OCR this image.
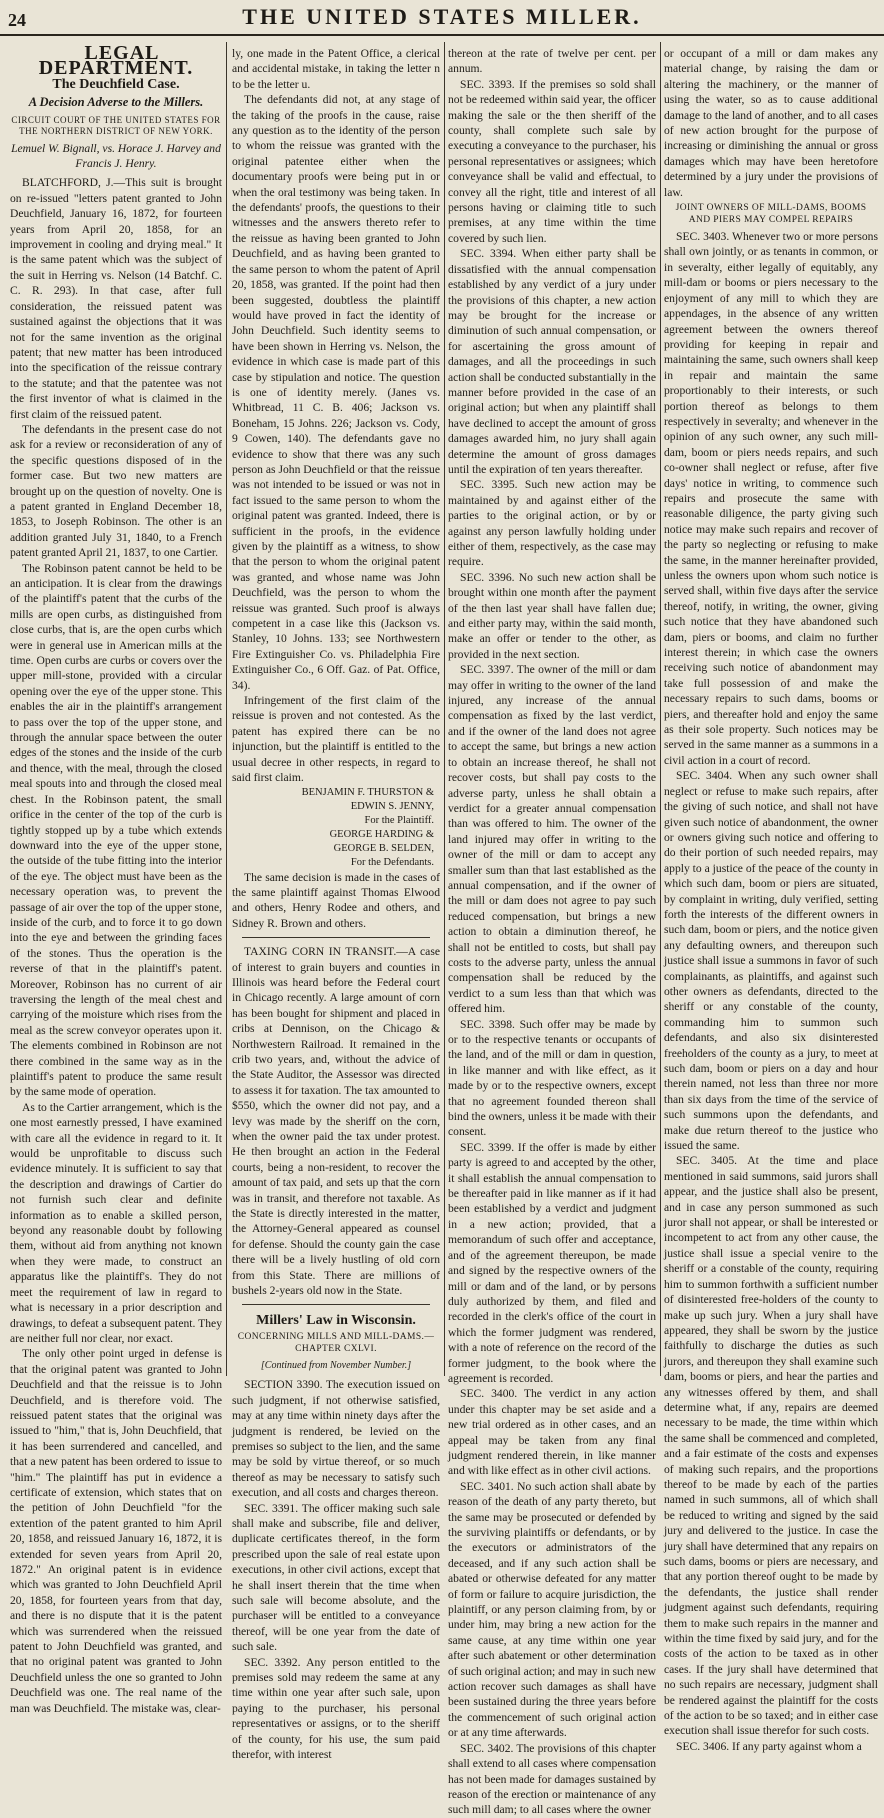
24	THE UNITED STATES MILLER.

LEGAL DEPARTMENT.

The Deuchfield Case.
A Decision Adverse to the Millers.
CIRCUIT COURT OF THE UNITED STATES FOR THE NORTHERN DISTRICT OF NEW YORK.
Lemuel W. Bignall, vs. Horace J. Harvey and Francis J. Henry.

BLATCHFORD, J.—This suit is brought on re-issued "letters patent granted to John Deuchfield, January 16, 1872, for fourteen years from April 20, 1858, for an improvement in cooling and drying meal." It is the same patent which was the subject of the suit in Herring vs. Nelson (14 Batchf. C. C. R. 293). In that case, after full consideration, the reissued patent was sustained against the objections that it was not for the same invention as the original patent; that new matter has been introduced into the specification of the reissue contrary to the statute; and that the patentee was not the first inventor of what is claimed in the first claim of the reissued patent.

The defendants in the present case do not ask for a review or reconsideration of any of the specific questions disposed of in the former case. But two new matters are brought up on the question of novelty. One is a patent granted in England December 18, 1853, to Joseph Robinson. The other is an addition granted July 31, 1840, to a French patent granted April 21, 1837, to one Cartier.

The Robinson patent cannot be held to be an anticipation. It is clear from the drawings of the plaintiff's patent that the curbs of the mills are open curbs, as distinguished from close curbs, that is, are the open curbs which were in general use in American mills at the time. Open curbs are curbs or covers over the upper mill-stone, provided with a circular opening over the eye of the upper stone. This enables the air in the plaintiff's arrangement to pass over the top of the upper stone, and through the annular space between the outer edges of the stones and the inside of the curb and thence, with the meal, through the closed meal spouts into and through the closed meal chest. In the Robinson patent, the small orifice in the center of the top of the curb is tightly stopped up by a tube which extends downward into the eye of the upper stone, the outside of the tube fitting into the interior of the eye. The object must have been as the necessary operation was, to prevent the passage of air over the top of the upper stone, inside of the curb, and to force it to go down into the eye and between the grinding faces of the stones. Thus the operation is the reverse of that in the plaintiff's patent. Moreover, Robinson has no current of air traversing the length of the meal chest and carrying of the moisture which rises from the meal as the screw conveyor operates upon it. The elements combined in Robinson are not there combined in the same way as in the plaintiff's patent to produce the same result by the same mode of operation.

As to the Cartier arrangement, which is the one most earnestly pressed, I have examined with care all the evidence in regard to it. It would be unprofitable to discuss such evidence minutely. It is sufficient to say that the description and drawings of Cartier do not furnish such clear and definite information as to enable a skilled person, beyond any reasonable doubt by following them, without aid from anything not known when they were made, to construct an apparatus like the plaintiff's. They do not meet the requirement of law in regard to what is necessary in a prior description and drawings, to defeat a subsequent patent. They are neither full nor clear, nor exact.

The only other point urged in defense is that the original patent was granted to John Deuchfield and that the reissue is to John Deuchfield, and is therefore void. The reissued patent states that the original was issued to "him," that is, John Deuchfield, that it has been surrendered and cancelled, and that a new patent has been ordered to issue to "him." The plaintiff has put in evidence a certificate of extension, which states that on the petition of John Deuchfield "for the extention of the patent granted to him April 20, 1858, and reissued January 16, 1872, it is extended for seven years from April 20, 1872." An original patent is in evidence which was granted to John Deuchfield April 20, 1858, for fourteen years from that day, and there is no dispute that it is the patent which was surrendered when the reissued patent to John Deuchfield was granted, and that no original patent was granted to John Deuchfield unless the one so granted to John Deuchfield was one. The real name of the man was Deuchfield. The mistake was, clear-

ly, one made in the Patent Office, a clerical and accidental mistake, in taking the letter n to be the letter u.

The defendants did not, at any stage of the taking of the proofs in the cause, raise any question as to the identity of the person to whom the reissue was granted with the original patentee either when the documentary proofs were being put in or when the oral testimony was being taken. In the defendants' proofs, the questions to their witnesses and the answers thereto refer to the reissue as having been granted to John Deuchfield, and as having been granted to the same person to whom the patent of April 20, 1858, was granted. If the point had then been suggested, doubtless the plaintiff would have proved in fact the identity of John Deuchfield. Such identity seems to have been shown in Herring vs. Nelson, the evidence in which case is made part of this case by stipulation and notice. The question is one of identity merely. (Janes vs. Whitbread, 11 C. B. 406; Jackson vs. Boneham, 15 Johns. 226; Jackson vs. Cody, 9 Cowen, 140). The defendants gave no evidence to show that there was any such person as John Deuchfield or that the reissue was not intended to be issued or was not in fact issued to the same person to whom the original patent was granted. Indeed, there is sufficient in the proofs, in the evidence given by the plaintiff as a witness, to show that the person to whom the original patent was granted, and whose name was John Deuchfield, was the person to whom the reissue was granted. Such proof is always competent in a case like this (Jackson vs. Stanley, 10 Johns. 133; see Northwestern Fire Extinguisher Co. vs. Philadelphia Fire Extinguisher Co., 6 Off. Gaz. of Pat. Office, 34).

Infringement of the first claim of the reissue is proven and not contested. As the patent has expired there can be no injunction, but the plaintiff is entitled to the usual decree in other respects, in regard to said first claim.

BENJAMIN F. THURSTON &
EDWIN S. JENNY,
For the Plaintiff.
GEORGE HARDING &
GEORGE B. SELDEN,
For the Defendants.

The same decision is made in the cases of the same plaintiff against Thomas Elwood and others, Henry Rodee and others, and Sidney R. Brown and others.

TAXING CORN IN TRANSIT.—A case of interest to grain buyers and counties in Illinois was heard before the Federal court in Chicago recently. A large amount of corn has been bought for shipment and placed in cribs at Dennison, on the Chicago & Northwestern Railroad. It remained in the crib two years, and, without the advice of the State Auditor, the Assessor was directed to assess it for taxation. The tax amounted to $550, which the owner did not pay, and a levy was made by the sheriff on the corn, when the owner paid the tax under protest. He then brought an action in the Federal courts, being a non-resident, to recover the amount of tax paid, and sets up that the corn was in transit, and therefore not taxable. As the State is directly interested in the matter, the Attorney-General appeared as counsel for defense. Should the county gain the case there will be a lively hustling of old corn from this State. There are millions of bushels 2-years old now in the State.

Millers' Law in Wisconsin.
CONCERNING MILLS AND MILL-DAMS.—CHAPTER CXLVI.
[Continued from November Number.]

SECTION 3390. The execution issued on such judgment, if not otherwise satisfied, may at any time within ninety days after the judgment is rendered, be levied on the premises so subject to the lien, and the same may be sold by virtue thereof, or so much thereof as may be necessary to satisfy such execution, and all costs and charges thereon.

SEC. 3391. The officer making such sale shall make and subscribe, file and deliver, duplicate certificates thereof, in the form prescribed upon the sale of real estate upon executions, in other civil actions, except that he shall insert therein that the time when such sale will become absolute, and the purchaser will be entitled to a conveyance thereof, will be one year from the date of such sale.

SEC. 3392. Any person entitled to the premises sold may redeem the same at any time within one year after such sale, upon paying to the purchaser, his personal representatives or assigns, or to the sheriff of the county, for his use, the sum paid therefor, with interest

thereon at the rate of twelve per cent. per annum.

SEC. 3393. If the premises so sold shall not be redeemed within said year, the officer making the sale or the then sheriff of the county, shall complete such sale by executing a conveyance to the purchaser, his personal representatives or assignees; which conveyance shall be valid and effectual, to convey all the right, title and interest of all persons having or claiming title to such premises, at any time within the time covered by such lien.

SEC. 3394. When either party shall be dissatisfied with the annual compensation established by any verdict of a jury under the provisions of this chapter, a new action may be brought for the increase or diminution of such annual compensation, or for ascertaining the gross amount of damages, and all the proceedings in such action shall be conducted substantially in the manner before provided in the case of an original action; but when any plaintiff shall have declined to accept the amount of gross damages awarded him, no jury shall again determine the amount of gross damages until the expiration of ten years thereafter.

SEC. 3395. Such new action may be maintained by and against either of the parties to the original action, or by or against any person lawfully holding under either of them, respectively, as the case may require.

SEC. 3396. No such new action shall be brought within one month after the payment of the then last year shall have fallen due; and either party may, within the said month, make an offer or tender to the other, as provided in the next section.

SEC. 3397. The owner of the mill or dam may offer in writing to the owner of the land injured, any increase of the annual compensation as fixed by the last verdict, and if the owner of the land does not agree to accept the same, but brings a new action to obtain an increase thereof, he shall not recover costs, but shall pay costs to the adverse party, unless he shall obtain a verdict for a greater annual compensation than was offered to him. The owner of the land injured may offer in writing to the owner of the mill or dam to accept any smaller sum than that last established as the annual compensation, and if the owner of the mill or dam does not agree to pay such reduced compensation, but brings a new action to obtain a diminution thereof, he shall not be entitled to costs, but shall pay costs to the adverse party, unless the annual compensation shall be reduced by the verdict to a sum less than that which was offered him.

SEC. 3398. Such offer may be made by or to the respective tenants or occupants of the land, and of the mill or dam in question, in like manner and with like effect, as it made by or to the respective owners, except that no agreement founded thereon shall bind the owners, unless it be made with their consent.

SEC. 3399. If the offer is made by either party is agreed to and accepted by the other, it shall establish the annual compensation to be thereafter paid in like manner as if it had been established by a verdict and judgment in a new action; provided, that a memorandum of such offer and acceptance, and of the agreement thereupon, be made and signed by the respective owners of the mill or dam and of the land, or by persons duly authorized by them, and filed and recorded in the clerk's office of the court in which the former judgment was rendered, with a note of reference on the record of the former judgment, to the book where the agreement is recorded.

SEC. 3400. The verdict in any action under this chapter may be set aside and a new trial ordered as in other cases, and an appeal may be taken from any final judgment rendered therein, in like manner and with like effect as in other civil actions.

SEC. 3401. No such action shall abate by reason of the death of any party thereto, but the same may be prosecuted or defended by the surviving plaintiffs or defendants, or by the executors or administrators of the deceased, and if any such action shall be abated or otherwise defeated for any matter of form or failure to acquire jurisdiction, the plaintiff, or any person claiming from, by or under him, may bring a new action for the same cause, at any time within one year after such abatement or other determination of such original action; and may in such new action recover such damages as shall have been sustained during the three years before the commencement of such original action or at any time afterwards.

SEC. 3402. The provisions of this chapter shall extend to all cases where compensation has not been made for damages sustained by reason of the erection or maintenance of any such mill dam; to all cases where the owner

or occupant of a mill or dam makes any material change, by raising the dam or altering the machinery, or the manner of using the water, so as to cause additional damage to the land of another, and to all cases of new action brought for the purpose of increasing or diminishing the annual or gross damages which may have been heretofore determined by a jury under the provisions of law.

JOINT OWNERS OF MILL-DAMS, BOOMS AND PIERS MAY COMPEL REPAIRS

SEC. 3403. Whenever two or more persons shall own jointly, or as tenants in common, or in severalty, either legally of equitably, any mill-dam or booms or piers necessary to the enjoyment of any mill to which they are appendages, in the absence of any written agreement between the owners thereof providing for keeping in repair and maintaining the same, such owners shall keep in repair and maintain the same proportionably to their interests, or such portion thereof as belongs to them respectively in severalty; and whenever in the opinion of any such owner, any such mill-dam, boom or piers needs repairs, and such co-owner shall neglect or refuse, after five days' notice in writing, to commence such repairs and prosecute the same with reasonable diligence, the party giving such notice may make such repairs and recover of the party so neglecting or refusing to make the same, in the manner hereinafter provided, unless the owners upon whom such notice is served shall, within five days after the service thereof, notify, in writing, the owner, giving such notice that they have abandoned such dam, piers or booms, and claim no further interest therein; in which case the owners receiving such notice of abandonment may take full possession of and make the necessary repairs to such dams, booms or piers, and thereafter hold and enjoy the same as their sole property. Such notices may be served in the same manner as a summons in a civil action in a court of record.

SEC. 3404. When any such owner shall neglect or refuse to make such repairs, after the giving of such notice, and shall not have given such notice of abandonment, the owner or owners giving such notice and offering to do their portion of such needed repairs, may apply to a justice of the peace of the county in which such dam, boom or piers are situated, by complaint in writing, duly verified, setting forth the interests of the different owners in such dam, boom or piers, and the notice given any defaulting owners, and thereupon such justice shall issue a summons in favor of such complainants, as plaintiffs, and against such other owners as defendants, directed to the sheriff or any constable of the county, commanding him to summon such defendants, and also six disinterested freeholders of the county as a jury, to meet at such dam, boom or piers on a day and hour therein named, not less than three nor more than six days from the time of the service of such summons upon the defendants, and make due return thereof to the justice who issued the same.

SEC. 3405. At the time and place mentioned in said summons, said jurors shall appear, and the justice shall also be present, and in case any person summoned as such juror shall not appear, or shall be interested or incompetent to act from any other cause, the justice shall issue a special venire to the sheriff or a constable of the county, requiring him to summon forthwith a sufficient number of disinterested free-holders of the county to make up such jury. When a jury shall have appeared, they shall be sworn by the justice faithfully to discharge the duties as such jurors, and thereupon they shall examine such dam, booms or piers, and hear the parties and any witnesses offered by them, and shall determine what, if any, repairs are deemed necessary to be made, the time within which the same shall be commenced and completed, and a fair estimate of the costs and expenses of making such repairs, and the proportions thereof to be made by each of the parties named in such summons, all of which shall be reduced to writing and signed by the said jury and delivered to the justice. In case the jury shall have determined that any repairs on such dams, booms or piers are necessary, and that any portion thereof ought to be made by the defendants, the justice shall render judgment against such defendants, requiring them to make such repairs in the manner and within the time fixed by said jury, and for the costs of the action to be taxed as in other cases. If the jury shall have determined that no such repairs are necessary, judgment shall be rendered against the plaintiff for the costs of the action to be so taxed; and in either case execution shall issue therefor for such costs.

SEC. 3406. If any party against whom a
